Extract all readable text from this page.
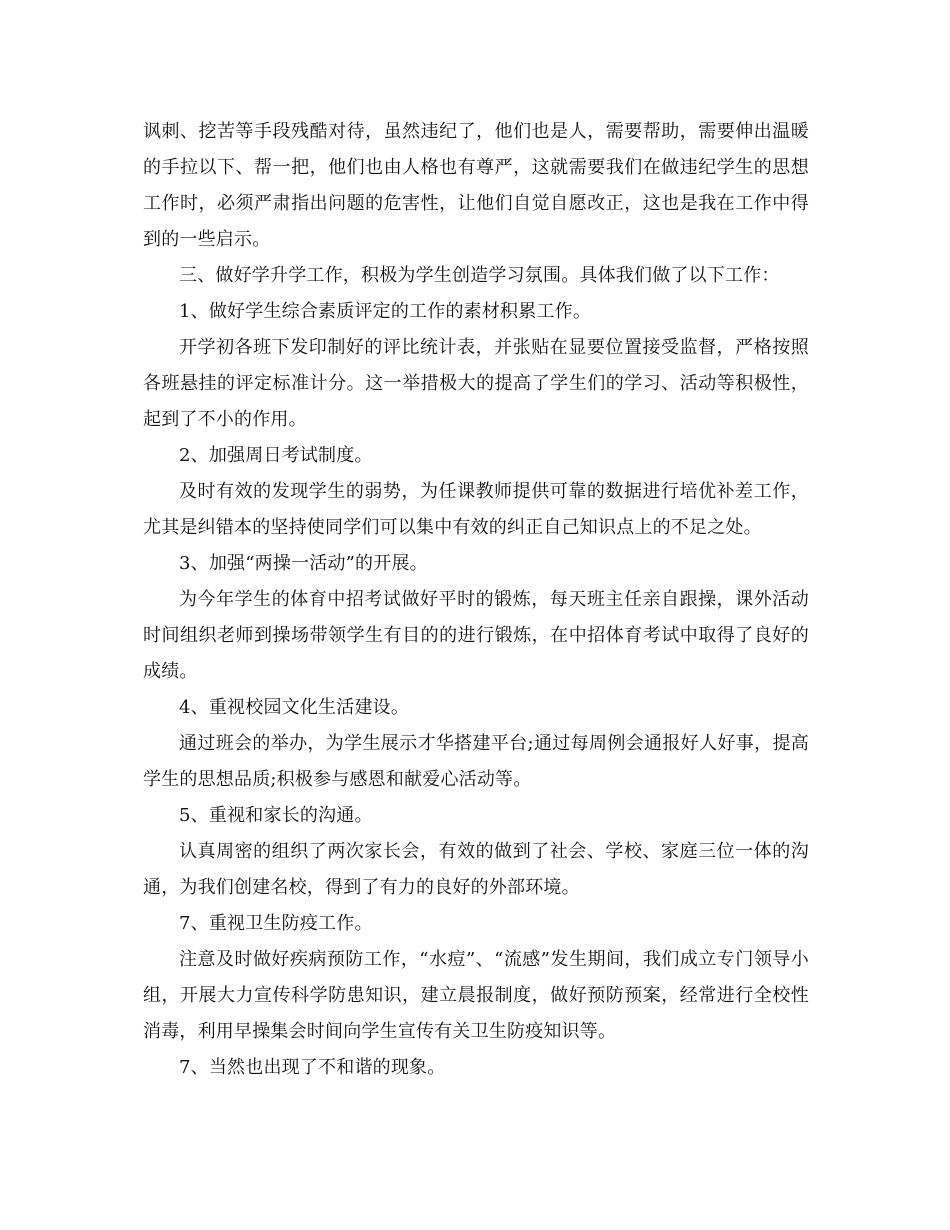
讽刺、挖苦等手段残酷对待，虽然违纪了，他们也是人，需要帮助，需要伸出温暖的手拉以下、帮一把，他们也由人格也有尊严，这就需要我们在做违纪学生的思想工作时，必须严肃指出问题的危害性，让他们自觉自愿改正，这也是我在工作中得到的一些启示。

三、做好学升学工作，积极为学生创造学习氛围。具体我们做了以下工作：

1、做好学生综合素质评定的工作的素材积累工作。

开学初各班下发印制好的评比统计表，并张贴在显要位置接受监督，严格按照各班悬挂的评定标准计分。这一举措极大的提高了学生们的学习、活动等积极性，起到了不小的作用。

2、加强周日考试制度。

及时有效的发现学生的弱势，为任课教师提供可靠的数据进行培优补差工作，尤其是纠错本的坚持使同学们可以集中有效的纠正自己知识点上的不足之处。

3、加强“两操一活动”的开展。

为今年学生的体育中招考试做好平时的锻炼，每天班主任亲自跟操，课外活动时间组织老师到操场带领学生有目的的进行锻炼，在中招体育考试中取得了良好的成绩。

4、重视校园文化生活建设。

通过班会的举办，为学生展示才华搭建平台;通过每周例会通报好人好事，提高学生的思想品质;积极参与感恩和献爱心活动等。

5、重视和家长的沟通。

认真周密的组织了两次家长会，有效的做到了社会、学校、家庭三位一体的沟通，为我们创建名校，得到了有力的良好的外部环境。

7、重视卫生防疫工作。

注意及时做好疾病预防工作，“水痘”、“流感”发生期间，我们成立专门领导小组，开展大力宣传科学防患知识，建立晨报制度，做好预防预案，经常进行全校性消毒，利用早操集会时间向学生宣传有关卫生防疫知识等。

7、当然也出现了不和谐的现象。
